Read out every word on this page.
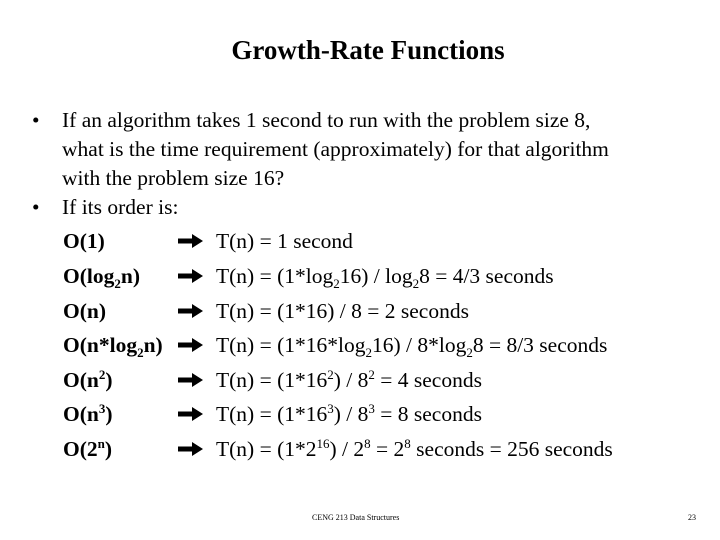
Growth-Rate Functions
• If an algorithm takes 1 second to run with the problem size 8,
what is the time requirement (approximately) for that algorithm
with the problem size 16?
• If its order is:
O(1)	T(n) = 1 second
$O(\log_2n)$	$T(n) = (1*\log_216) / \log_28 = 4/3$ seconds
O(n)	T(n) = (1*16) / 8 = 2 seconds
$O(n*\log_2n) T(n) = (1*16*\log_216) / 8*\log_28 = 8/3$ seconds
$O(n^2)$	$T(n) = (1*16^2) / 8^2 = 4$ seconds
$O(n^3)$	$T(n) = (1*16^3) / 8^3 = 8$ seconds
O(2$^n$)	$T(n) = (1*2^{16}) / 2^8 = 2^8$ seconds = 256 seconds
CENG 213 Data Structures	23
